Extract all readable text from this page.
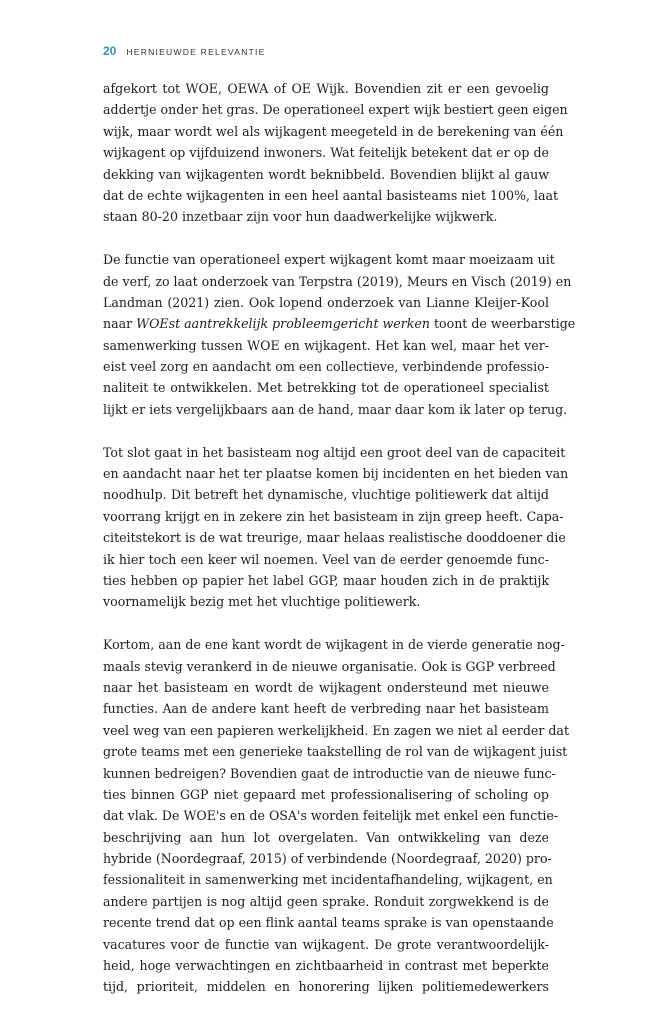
20 HERNIEUWDE RELEVANTIE
afgekort tot WOE, OEWA of OE Wijk. Bovendien zit er een gevoelig
addertje onder het gras. De operationeel expert wijk bestiert geen eigen
wijk, maar wordt wel als wijkagent meegeteld in de berekening van één
wijkagent op vijfduizend inwoners. Wat feitelijk betekent dat er op de
dekking van wijkagenten wordt beknibbeld. Bovendien blijkt al gauw
dat de echte wijkagenten in een heel aantal basisteams niet 100%, laat
staan 80-20 inzetbaar zijn voor hun daadwerkelijke wijkwerk.
De functie van operationeel expert wijkagent komt maar moeizaam uit
de verf, zo laat onderzoek van Terpstra (2019), Meurs en Visch (2019) en
Landman (2021) zien. Ook lopend onderzoek van Lianne Kleijer-Kool
naar WOEst aantrekkelijk probleemgericht werken toont de weerbarstige
samenwerking tussen WOE en wijkagent. Het kan wel, maar het ver-
eist veel zorg en aandacht om een collectieve, verbindende professio-
naliteit te ontwikkelen. Met betrekking tot de operationeel specialist
lijkt er iets vergelijkbaars aan de hand, maar daar kom ik later op terug.
Tot slot gaat in het basisteam nog altijd een groot deel van de capaciteit
en aandacht naar het ter plaatse komen bij incidenten en het bieden van
noodhulp. Dit betreft het dynamische, vluchtige politiewerk dat altijd
voorrang krijgt en in zekere zin het basisteam in zijn greep heeft. Capa-
citeitstekort is de wat treurige, maar helaas realistische dooddoener die
ik hier toch een keer wil noemen. Veel van de eerder genoemde func-
ties hebben op papier het label GGP, maar houden zich in de praktijk
voornamelijk bezig met het vluchtige politiewerk.
Kortom, aan de ene kant wordt de wijkagent in de vierde generatie nog-
maals stevig verankerd in de nieuwe organisatie. Ook is GGP verbreed
naar het basisteam en wordt de wijkagent ondersteund met nieuwe
functies. Aan de andere kant heeft de verbreding naar het basisteam
veel weg van een papieren werkelijkheid. En zagen we niet al eerder dat
grote teams met een generieke taakstelling de rol van de wijkagent juist
kunnen bedreigen? Bovendien gaat de introductie van de nieuwe func-
ties binnen GGP niet gepaard met professionalisering of scholing op
dat vlak. De WOE's en de OSA's worden feitelijk met enkel een functie-
beschrijving aan hun lot overgelaten. Van ontwikkeling van deze
hybride (Noordegraaf, 2015) of verbindende (Noordegraaf, 2020) pro-
fessionaliteit in samenwerking met incidentafhandeling, wijkagent, en
andere partijen is nog altijd geen sprake. Ronduit zorgwekkend is de
recente trend dat op een flink aantal teams sprake is van openstaande
vacatures voor de functie van wijkagent. De grote verantwoordelijk-
heid, hoge verwachtingen en zichtbaarheid in contrast met beperkte
tijd, prioriteit, middelen en honorering lijken politiemedewerkers
